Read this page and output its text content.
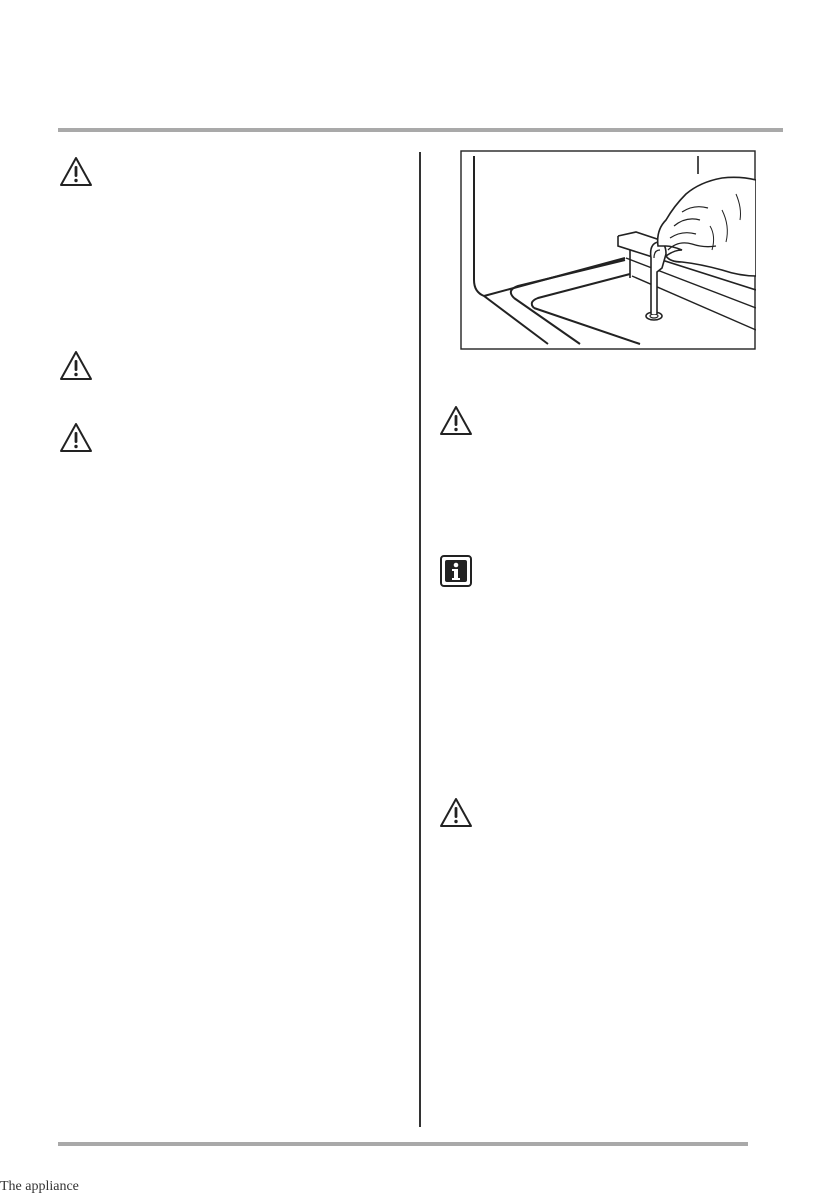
The appliance
